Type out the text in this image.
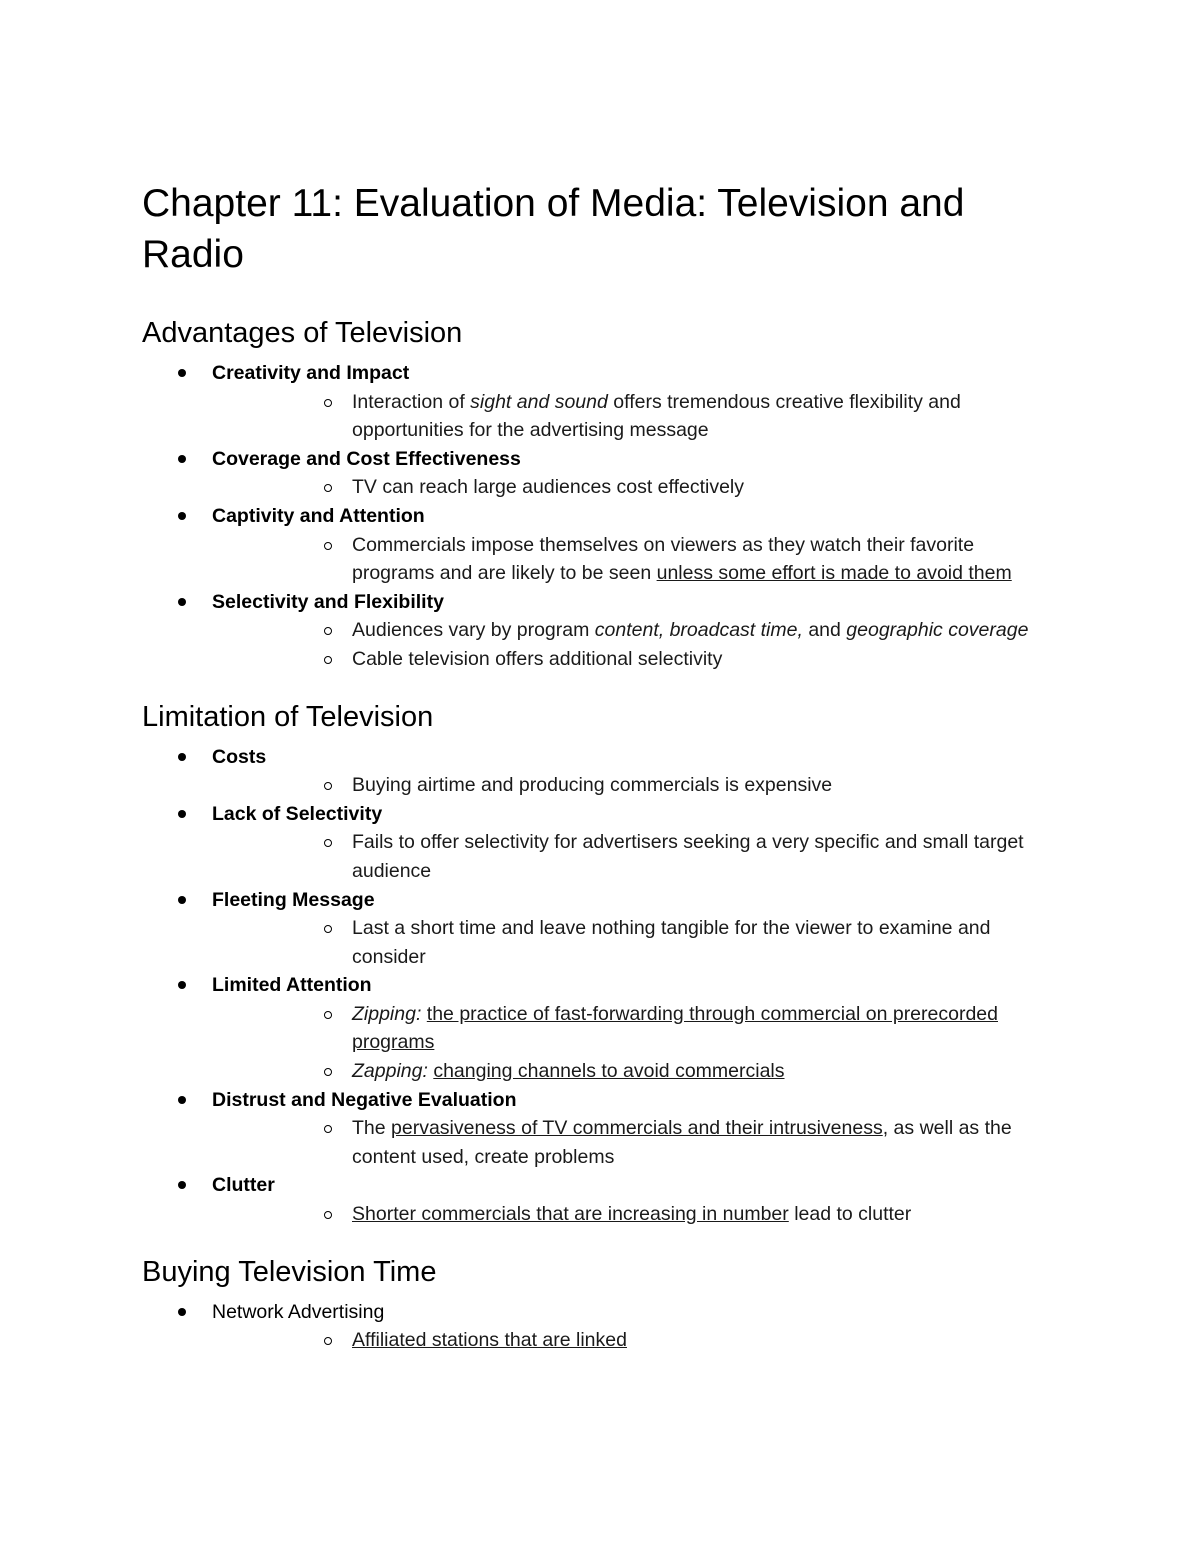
Chapter 11: Evaluation of Media: Television and Radio
Advantages of Television
Creativity and Impact
Interaction of sight and sound offers tremendous creative flexibility and opportunities for the advertising message
Coverage and Cost Effectiveness
TV can reach large audiences cost effectively
Captivity and Attention
Commercials impose themselves on viewers as they watch their favorite programs and are likely to be seen unless some effort is made to avoid them
Selectivity and Flexibility
Audiences vary by program content, broadcast time, and geographic coverage
Cable television offers additional selectivity
Limitation of Television
Costs
Buying airtime and producing commercials is expensive
Lack of Selectivity
Fails to offer selectivity for advertisers seeking a very specific and small target audience
Fleeting Message
Last a short time and leave nothing tangible for the viewer to examine and consider
Limited Attention
Zipping: the practice of fast-forwarding through commercial on prerecorded programs
Zapping: changing channels to avoid commercials
Distrust and Negative Evaluation
The pervasiveness of TV commercials and their intrusiveness, as well as the content used, create problems
Clutter
Shorter commercials that are increasing in number lead to clutter
Buying Television Time
Network Advertising
Affiliated stations that are linked
